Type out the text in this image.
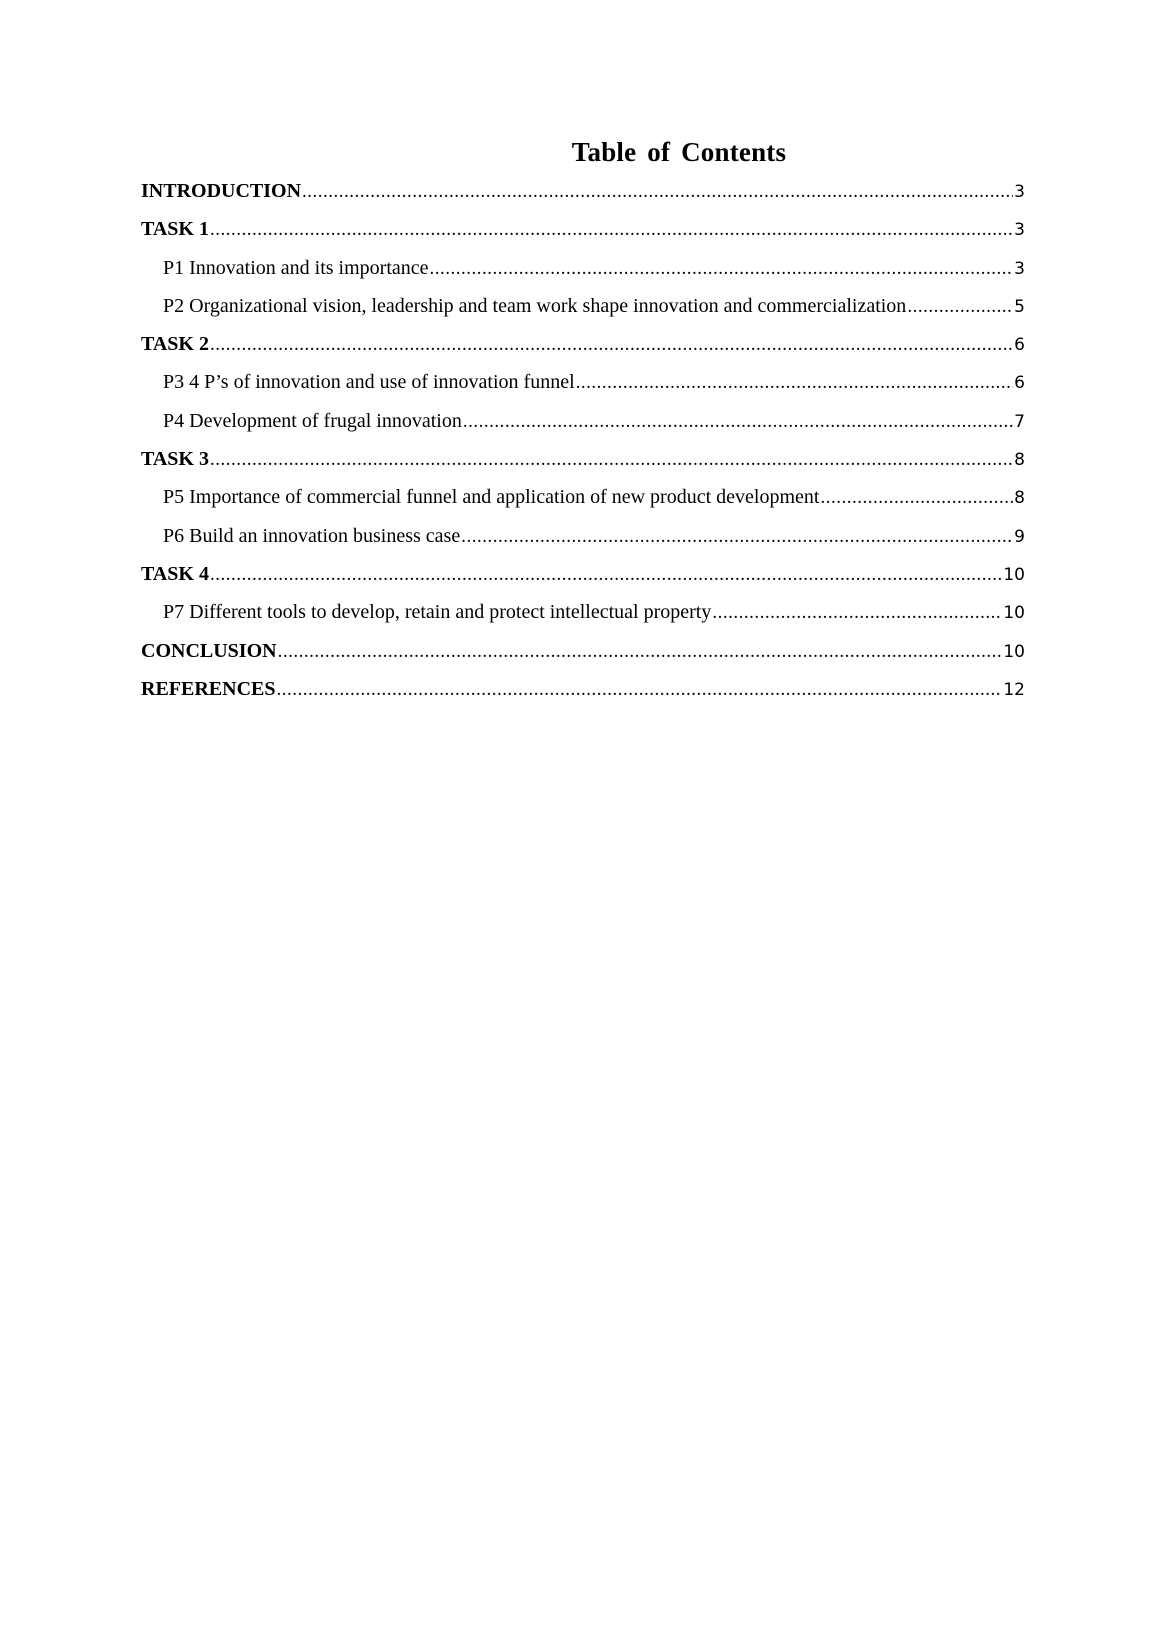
Table of Contents
INTRODUCTION .....	3
TASK 1 .....	3
P1 Innovation and its importance .....	3
P2 Organizational vision, leadership and team work shape innovation and commercialization .....	5
TASK 2 .....	6
P3 4 P’s of innovation and use of innovation funnel .....	6
P4 Development of frugal innovation .....	7
TASK 3 .....	8
P5 Importance of commercial funnel and application of new product development .....	8
P6 Build an innovation business case .....	9
TASK 4 .....	10
P7 Different tools to develop, retain and protect intellectual property .....	10
CONCLUSION .....	10
REFERENCES .....	12
